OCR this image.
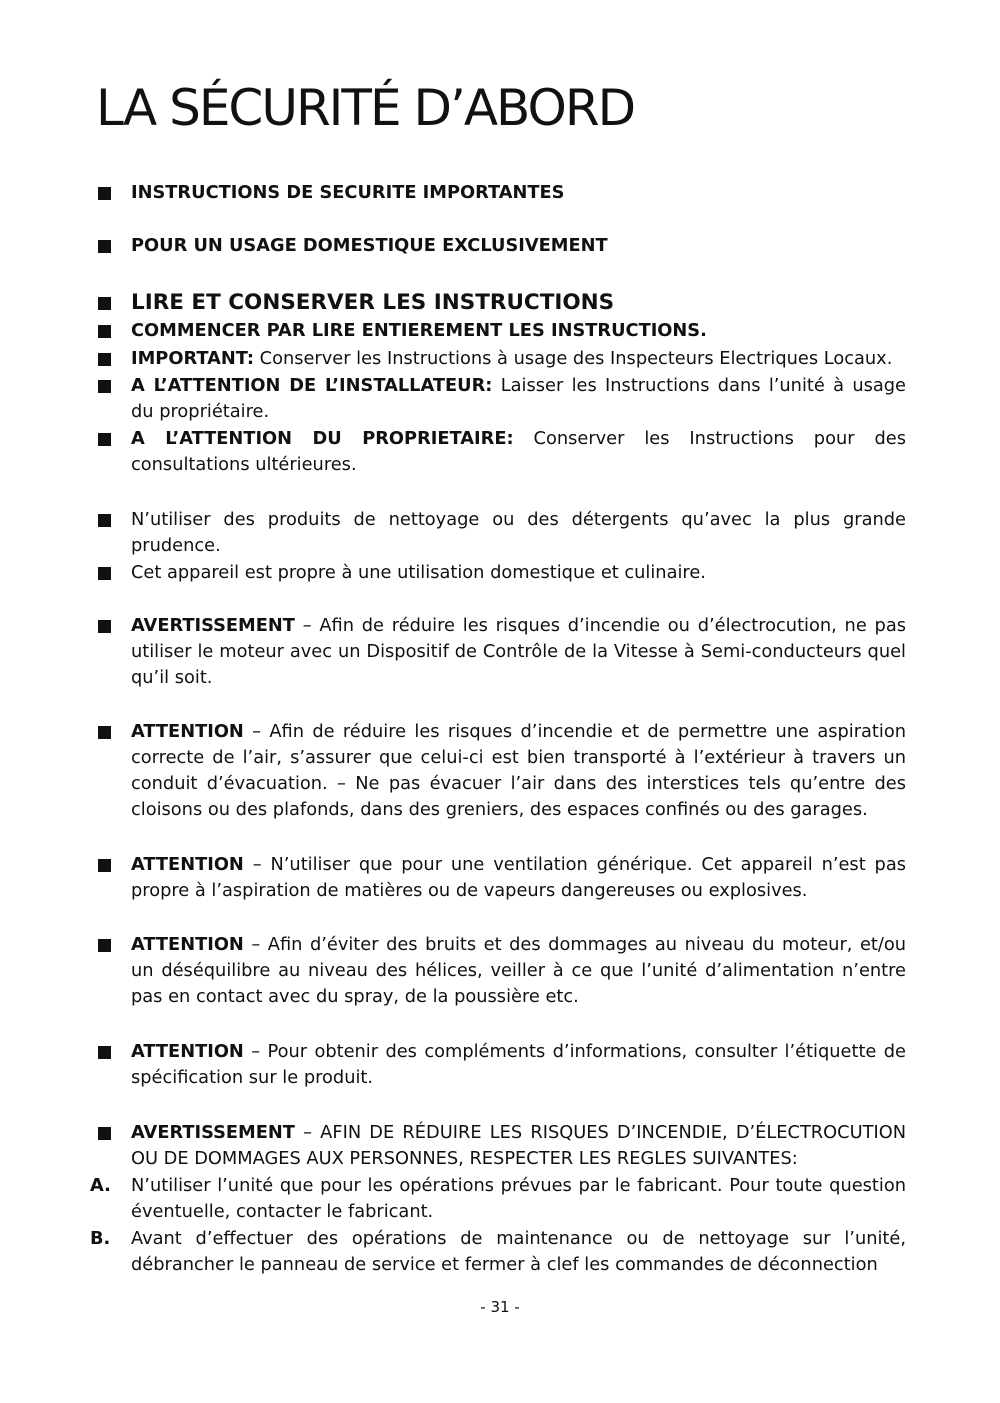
LA SÉCURITÉ D’ABORD
INSTRUCTIONS DE SECURITE IMPORTANTES
POUR UN USAGE DOMESTIQUE EXCLUSIVEMENT
LIRE ET CONSERVER LES INSTRUCTIONS
COMMENCER PAR LIRE ENTIEREMENT LES INSTRUCTIONS.
IMPORTANT: Conserver les Instructions à usage des Inspecteurs Electriques Locaux.
A L’ATTENTION DE L’INSTALLATEUR: Laisser les Instructions dans l’unité à usage du propriétaire.
A L’ATTENTION DU PROPRIETAIRE: Conserver les Instructions pour des consultations ultérieures.
N’utiliser des produits de nettoyage ou des détergents qu’avec la plus grande prudence.
Cet appareil est propre à une utilisation domestique et culinaire.
AVERTISSEMENT – Afin de réduire les risques d’incendie ou d’électrocution, ne pas utiliser le moteur avec un Dispositif de Contrôle de la Vitesse à Semi-conducteurs quel qu’il soit.
ATTENTION – Afin de réduire les risques d’incendie et de permettre une aspiration correcte de l’air, s’assurer que celui-ci est bien transporté à l’extérieur à travers un conduit d’évacuation. – Ne pas évacuer l’air dans des interstices tels qu’entre des cloisons ou des plafonds, dans des greniers, des espaces confinés ou des garages.
ATTENTION – N’utiliser que pour une ventilation générique. Cet appareil n’est pas propre à l’aspiration de matières ou de vapeurs dangereuses ou explosives.
ATTENTION – Afin d’éviter des bruits et des dommages au niveau du moteur, et/ou un déséquilibre au niveau des hélices, veiller à ce que l’unité d’alimentation n’entre pas en contact avec du spray, de la poussière etc.
ATTENTION – Pour obtenir des compléments d’informations, consulter l’étiquette de spécification sur le produit.
AVERTISSEMENT – AFIN DE RÉDUIRE LES RISQUES D’INCENDIE, D’ÉLECTROCUTION OU DE DOMMAGES AUX PERSONNES, RESPECTER LES REGLES SUIVANTES:
A. N’utiliser l’unité que pour les opérations prévues par le fabricant. Pour toute question éventuelle, contacter le fabricant.
B. Avant d’effectuer des opérations de maintenance ou de nettoyage sur l’unité, débrancher le panneau de service et fermer à clef les commandes de déconnection
- 31 -
